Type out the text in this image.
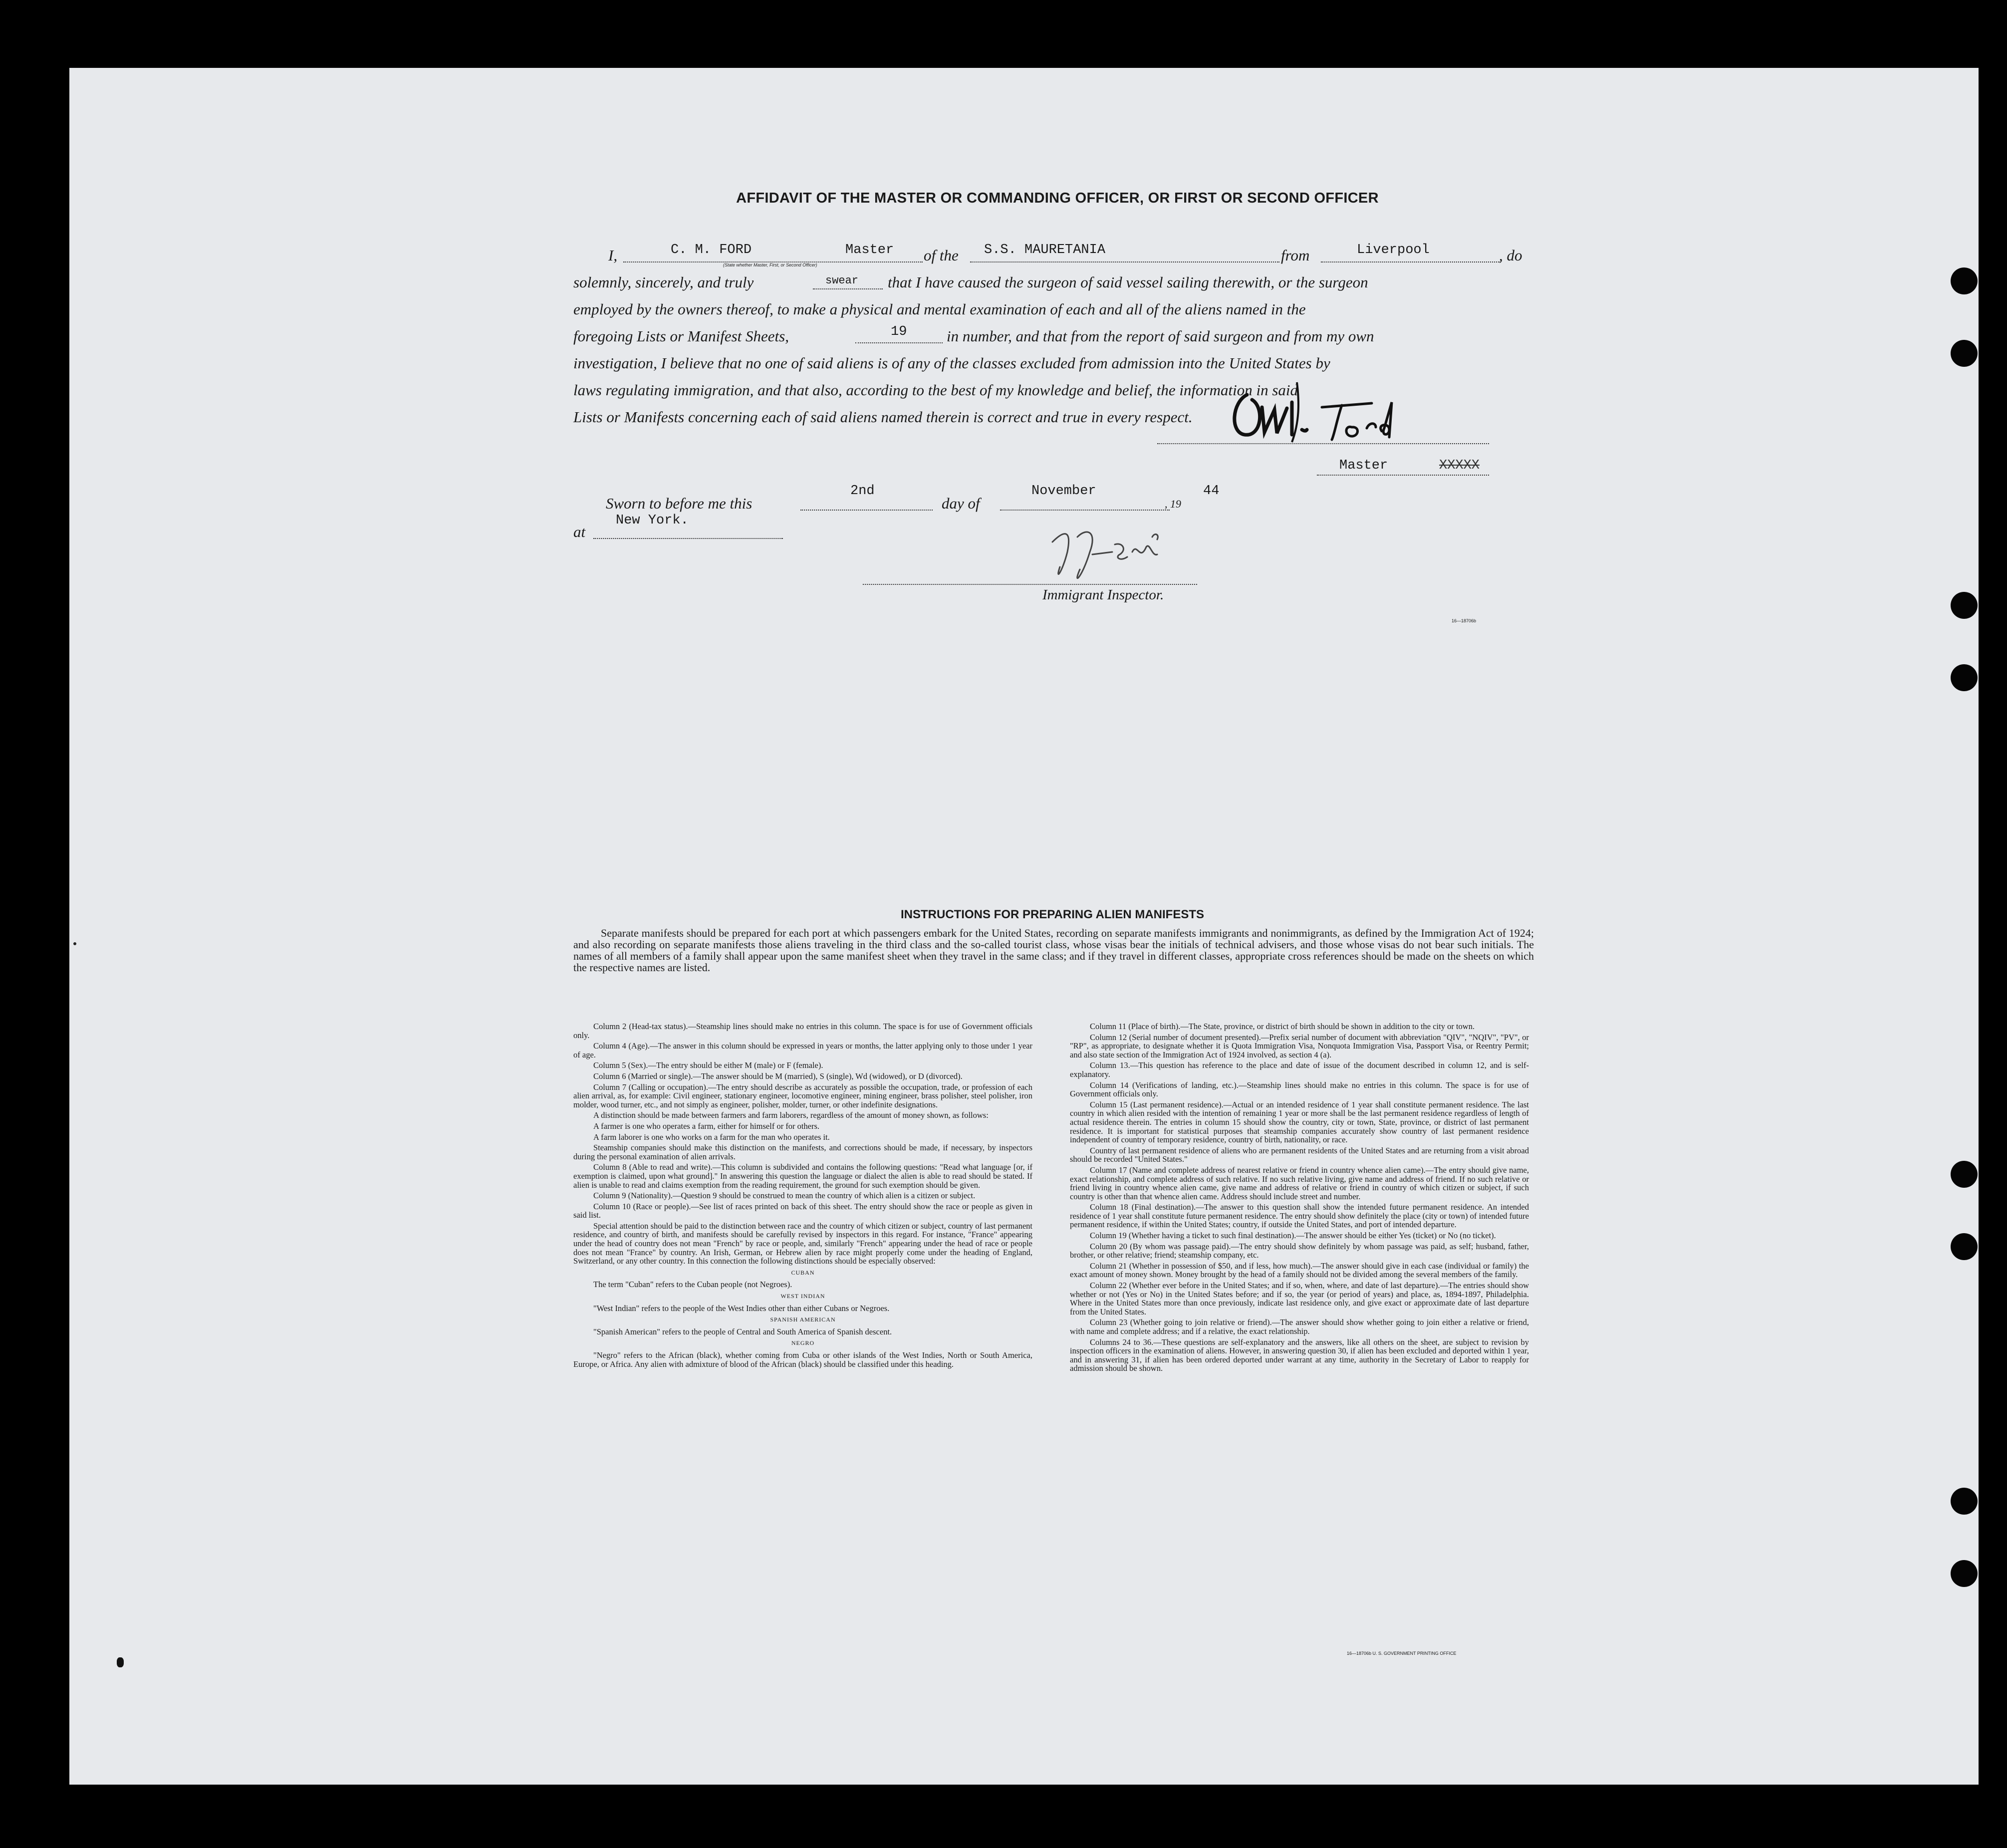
AFFIDAVIT OF THE MASTER OR COMMANDING OFFICER, OR FIRST OR SECOND OFFICER
I,	C. M. FORD	Master
(State whether Master, First, or Second Officer)
of the S.S. MAURETANIA	from	Liverpool	, do
solemnly, sincerely, and truly	swear that I have caused the surgeon of said vessel sailing therewith, or the surgeon
employed by the owners thereof, to make a physical and mental examination of each and all of the aliens named in the
foregoing Lists or Manifest Sheets,	19	in number, and that from the report of said surgeon and from my own
investigation, I believe that no one of said aliens is of any of the classes excluded from admission into the United States by
laws regulating immigration, and that also, according to the best of my knowledge and belief, the information in said
Lists or Manifests concerning each of said aliens named therein is correct and true in every respect.
Master	XXXXX
Sworn to before me this
2nd
day of
November
, 19
44
at
New York.
Immigrant Inspector.
16—18706b
INSTRUCTIONS FOR PREPARING ALIEN MANIFESTS
Separate manifests should be prepared for each port at which passengers embark for the United States, recording on separate manifests immigrants and nonimmigrants, as defined by the Immigration Act of 1924; and also recording on separate manifests those aliens traveling in the third class and the so-called tourist class, whose visas bear the initials of technical advisers, and those whose visas do not bear such initials. The names of all members of a family shall appear upon the same manifest sheet when they travel in the same class; and if they travel in different classes, appropriate cross references should be made on the sheets on which the respective names are listed.

Column 2 (Head-tax status).—Steamship lines should make no entries in this column. The space is for use of Government officials only.

Column 4 (Age).—The answer in this column should be expressed in years or months, the latter applying only to those under 1 year of age.

Column 5 (Sex).—The entry should be either M (male) or F (female).

Column 6 (Married or single).—The answer should be M (married), S (single), Wd (widowed), or D (divorced).

Column 7 (Calling or occupation).—The entry should describe as accurately as possible the occupation, trade, or profession of each alien arrival, as, for example: Civil engineer, stationary engineer, locomotive engineer, mining engineer, brass polisher, steel polisher, iron molder, wood turner, etc., and not simply as engineer, polisher, molder, turner, or other indefinite designations.

A distinction should be made between farmers and farm laborers, regardless of the amount of money shown, as follows:

A farmer is one who operates a farm, either for himself or for others.

A farm laborer is one who works on a farm for the man who operates it.

Steamship companies should make this distinction on the manifests, and corrections should be made, if necessary, by inspectors during the personal examination of alien arrivals.

Column 8 (Able to read and write).—This column is subdivided and contains the following questions: "Read what language [or, if exemption is claimed, upon what ground]." In answering this question the language or dialect the alien is able to read should be stated. If alien is unable to read and claims exemption from the reading requirement, the ground for such exemption should be given.

Column 9 (Nationality).—Question 9 should be construed to mean the country of which alien is a citizen or subject.

Column 10 (Race or people).—See list of races printed on back of this sheet. The entry should show the race or people as given in said list.

Special attention should be paid to the distinction between race and the country of which citizen or subject, country of last permanent residence, and country of birth, and manifests should be carefully revised by inspectors in this regard. For instance, "France" appearing under the head of country does not mean "French" by race or people, and, similarly "French" appearing under the head of race or people does not mean "France" by country. An Irish, German, or Hebrew alien by race might properly come under the heading of England, Switzerland, or any other country. In this connection the following distinctions should be especially observed:

CUBAN

The term "Cuban" refers to the Cuban people (not Negroes).

WEST INDIAN

"West Indian" refers to the people of the West Indies other than either Cubans or Negroes.

SPANISH AMERICAN

"Spanish American" refers to the people of Central and South America of Spanish descent.

NEGRO

"Negro" refers to the African (black), whether coming from Cuba or other islands of the West Indies, North or South America, Europe, or Africa. Any alien with admixture of blood of the African (black) should be classified under this heading.

Column 11 (Place of birth).—The State, province, or district of birth should be shown in addition to the city or town.

Column 12 (Serial number of document presented).—Prefix serial number of document with abbreviation "QIV", "NQIV", "PV", or "RP", as appropriate, to designate whether it is Quota Immigration Visa, Nonquota Immigration Visa, Passport Visa, or Reentry Permit; and also state section of the Immigration Act of 1924 involved, as section 4 (a).

Column 13.—This question has reference to the place and date of issue of the document described in column 12, and is self-explanatory.

Column 14 (Verifications of landing, etc.).—Steamship lines should make no entries in this column. The space is for use of Government officials only.

Column 15 (Last permanent residence).—Actual or an intended residence of 1 year shall constitute permanent residence. The last country in which alien resided with the intention of remaining 1 year or more shall be the last permanent residence regardless of length of actual residence therein. The entries in column 15 should show the country, city or town, State, province, or district of last permanent residence. It is important for statistical purposes that steamship companies accurately show country of last permanent residence independent of country of temporary residence, country of birth, nationality, or race.

Country of last permanent residence of aliens who are permanent residents of the United States and are returning from a visit abroad should be recorded "United States."

Column 17 (Name and complete address of nearest relative or friend in country whence alien came).—The entry should give name, exact relationship, and complete address of such relative. If no such relative living, give name and address of friend. If no such relative or friend living in country whence alien came, give name and address of relative or friend in country of which citizen or subject, if such country is other than that whence alien came. Address should include street and number.

Column 18 (Final destination).—The answer to this question shall show the intended future permanent residence. An intended residence of 1 year shall constitute future permanent residence. The entry should show definitely the place (city or town) of intended future permanent residence, if within the United States; country, if outside the United States, and port of intended departure.

Column 19 (Whether having a ticket to such final destination).—The answer should be either Yes (ticket) or No (no ticket).

Column 20 (By whom was passage paid).—The entry should show definitely by whom passage was paid, as self; husband, father, brother, or other relative; friend; steamship company, etc.

Column 21 (Whether in possession of $50, and if less, how much).—The answer should give in each case (individual or family) the exact amount of money shown. Money brought by the head of a family should not be divided among the several members of the family.

Column 22 (Whether ever before in the United States; and if so, when, where, and date of last departure).—The entries should show whether or not (Yes or No) in the United States before; and if so, the year (or period of years) and place, as, 1894-1897, Philadelphia. Where in the United States more than once previously, indicate last residence only, and give exact or approximate date of last departure from the United States.

Column 23 (Whether going to join relative or friend).—The answer should show whether going to join either a relative or friend, with name and complete address; and if a relative, the exact relationship.

Columns 24 to 36.—These questions are self-explanatory and the answers, like all others on the sheet, are subject to revision by inspection officers in the examination of aliens. However, in answering question 30, if alien has been excluded and deported within 1 year, and in answering 31, if alien has been ordered deported under warrant at any time, authority in the Secretary of Labor to reapply for admission should be shown.

16—18706b U. S. GOVERNMENT PRINTING OFFICE
